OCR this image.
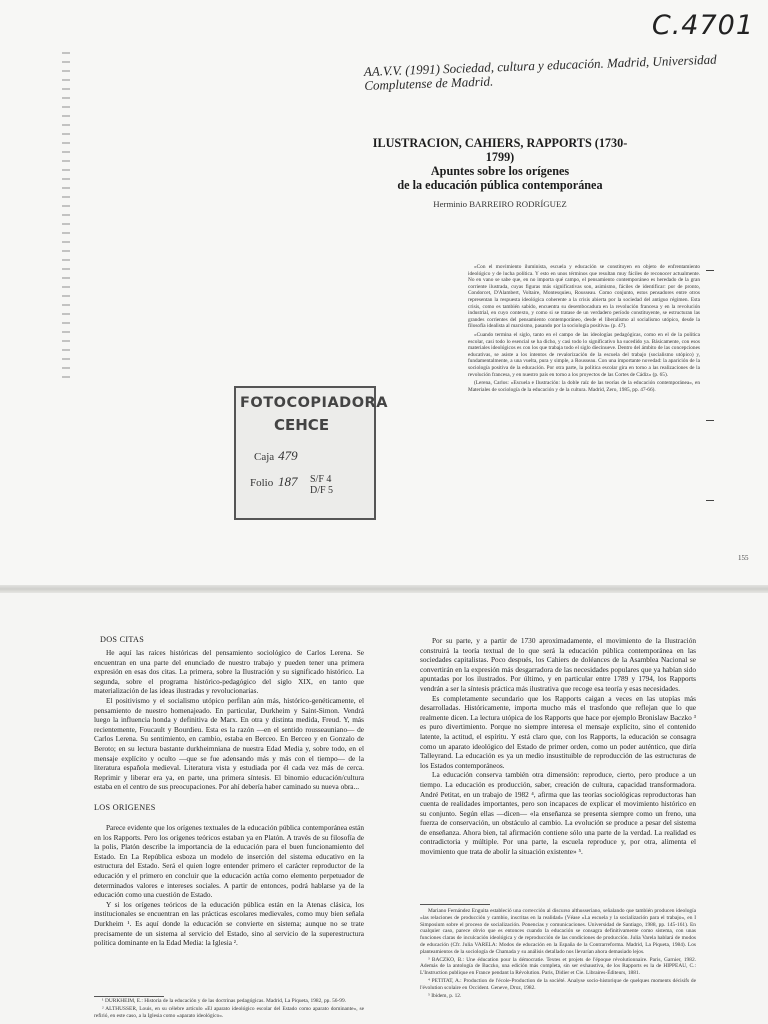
C.4701
AA.V.V. (1991) Sociedad, cultura y educación. Madrid, Universidad Complutense de Madrid.
ILUSTRACION, CAHIERS, RAPPORTS (1730-1799)
Apuntes sobre los orígenes
de la educación pública contemporánea
Herminio BARREIRO RODRÍGUEZ

«Con el movimiento iluminista, escuela y educación se constituyen en objeto de enfrentamiento ideológico y de lucha política. Y esto en unos términos que resultan muy fáciles de reconocer actualmente. No en vano se sabe que, en no importa qué campo, el pensamiento contemporáneo es heredado de la gran corriente ilustrada, cuyas figuras más significativas son, asimismo, fáciles de identificar: por de pronto, Condorcet, D'Alambert, Voltaire, Montesquieu, Rousseau. Como conjunto, estos pensadores entre otros representan la respuesta ideológica coherente a la crisis abierta por la sociedad del antiguo régimen. Esta crisis, como es también sabido, encuentra su desembocadura en la revolución francesa y en la revolución industrial, en cuyo contexto, y como si se tratase de un verdadero período constituyente, se estructuran las grandes corrientes del pensamiento contemporáneo, desde el liberalismo al socialismo utópico, desde la filosofía idealista al marxismo, pasando por la sociología positiva» (p. 47).

«Cuando termina el siglo, tanto en el campo de las ideologías pedagógicas, como en el de la política escolar, casi todo lo esencial se ha dicho, y casi todo lo significativo ha sucedido ya. Básicamente, con esos materiales ideológicos es con los que trabaja todo el siglo diecinueve. Dentro del ámbito de las concepciones educativas, se asiste a los intentos de revalorización de la escuela del trabajo (socialismo utópico) y, fundamentalmente, a una vuelta, pura y simple, a Rousseau. Con una importante novedad: la aparición de la sociología positiva de la educación. Por otra parte, la política escolar gira en torno a las realizaciones de la revolución francesa, y en nuestro país en torno a los proyectos de las Cortes de Cádiz» (p. 65).

(Lerena, Carlos: «Escuela e Ilustración: la doble raíz de las teorías de la educación contemporánea», en Materiales de sociología de la educación y de la cultura. Madrid, Zero, 1985, pp. 47-66).

FOTOCOPIADORA
CEHCE
Caja 479
Folio 187 S/F 4
D/F 5
155
DOS CITAS

He aquí las raíces históricas del pensamiento sociológico de Carlos Lerena. Se encuentran en una parte del enunciado de nuestro trabajo y pueden tener una primera expresión en esas dos citas. La primera, sobre la Ilustración y su significado histórico. La segunda, sobre el programa histórico-pedagógico del siglo XIX, en tanto que materialización de las ideas ilustradas y revolucionarias.

El positivismo y el socialismo utópico perfilan aún más, histórico-genéticamente, el pensamiento de nuestro homenajeado. En particular, Durkheim y Saint-Simon. Vendrá luego la influencia honda y definitiva de Marx. En otra y distinta medida, Freud. Y, más recientemente, Foucault y Bourdieu. Esta es la razón —en el sentido rousseauniano— de Carlos Lerena. Su sentimiento, en cambio, estaba en Berceo. En Berceo y en Gonzalo de Beroto; en su lectura bastante durkheimniana de nuestra Edad Media y, sobre todo, en el mensaje explícito y oculto —que se fue adensando más y más con el tiempo— de la literatura española medieval. Literatura vista y estudiada por él cada vez más de cerca. Reprimir y liberar era ya, en parte, una primera síntesis. El binomio educación/cultura estaba en el centro de sus preocupaciones. Por ahí debería haber caminado su nueva obra...

LOS ORIGENES

Parece evidente que los orígenes textuales de la educación pública contemporánea están en los Rapports. Pero los orígenes teóricos estaban ya en Platón. A través de su filosofía de la polis, Platón describe la importancia de la educación para el buen funcionamiento del Estado. En La República esboza un modelo de inserción del sistema educativo en la estructura del Estado. Será el quien logre entender primero el carácter reproductor de la educación y el primero en concluir que la educación actúa como elemento perpetuador de determinados valores e intereses sociales. A partir de entonces, podrá hablarse ya de la educación como una cuestión de Estado.

Y si los orígenes teóricos de la educación pública están en la Atenas clásica, los institucionales se encuentran en las prácticas escolares medievales, como muy bien señala Durkheim ¹. Es aquí donde la educación se convierte en sistema; aunque no se trate precisamente de un sistema al servicio del Estado, sino al servicio de la superestructura política dominante en la Edad Media: la Iglesia ².

¹ DURKHEIM, E.: Historia de la educación y de las doctrinas pedagógicas. Madrid, La Piqueta, 1982, pp. 56-99.

² ALTHUSSER, Louis, en su célebre artículo «El aparato ideológico escolar del Estado como aparato dominante», se refirió, en este caso, a la Iglesia como «aparato ideológico».

Por su parte, y a partir de 1730 aproximadamente, el movimiento de la Ilustración construirá la teoría textual de lo que será la educación pública contemporánea en las sociedades capitalistas. Poco después, los Cahiers de doléances de la Asamblea Nacional se convertirán en la expresión más desgarradora de las necesidades populares que ya habían sido apuntadas por los ilustrados. Por último, y en particular entre 1789 y 1794, los Rapports vendrán a ser la síntesis práctica más ilustrativa que recoge esa teoría y esas necesidades.

Es completamente secundario que los Rapports caigan a veces en las utopías más desarrolladas. Históricamente, importa mucho más el trasfondo que reflejan que lo que realmente dicen. La lectura utópica de los Rapports que hace por ejemplo Bronislaw Baczko ³ es puro divertimiento. Porque no siempre interesa el mensaje explícito, sino el contenido latente, la actitud, el espíritu. Y está claro que, con los Rapports, la educación se consagra como un aparato ideológico del Estado de primer orden, como un poder auténtico, que diría Talleyrand. La educación es ya un medio insustituible de reproducción de las estructuras de los Estados contemporáneos.

La educación conserva también otra dimensión: reproduce, cierto, pero produce a un tiempo. La educación es producción, saber, creación de cultura, capacidad transformadora. André Petitat, en un trabajo de 1982 ⁴, afirma que las teorías sociológicas reproductoras han cuenta de realidades importantes, pero son incapaces de explicar el movimiento histórico en su conjunto. Según ellas —dicen— «la enseñanza se presenta siempre como un freno, una fuerza de conservación, un obstáculo al cambio. La evolución se produce a pesar del sistema de enseñanza. Ahora bien, tal afirmación contiene sólo una parte de la verdad. La realidad es contradictoria y múltiple. Por una parte, la escuela reproduce y, por otra, alimenta el movimiento que trata de abolir la situación existente» ⁵.

Mariano Fernández Enguita estableció una corrección al discurso althusseriano, señalando que también producen ideología «las relaciones de producción y cambio, inscritas en la realidad» (Véase «La escuela y la socialización para el trabajo», en I Simposium sobre el proceso de socialización. Ponencias y comunicaciones. Universidad de Santiago, 1988, pp. 145-161). En cualquier caso, parece obvio que es entonces cuando la educación se consagra definitivamente como sistema, con unas funciones claras de inculcación ideológica y de reproducción de las condiciones de producción. Julia Varela hablará de modos de educación (Cfr. Julia VARELA: Modos de educación en la España de la Contrarreforma. Madrid, La Piqueta, 1984). Los planteamientos de la sociología de Chamada y su análisis detallado nos llevarían ahora demasiado lejos.

³ BACZKO, B.: Une éducation pour la démocratie. Textes et projets de l'époque révolutionnaire. Paris, Garnier, 1982. Además de la antología de Baczko, una edición más completa, sin ser exhaustiva, de los Rapports es la de HIPPEAU, C.: L'Instruction publique en France pendant la Révolution. Paris, Didier et Cie. Libraires-Éditeurs, 1881.

⁴ PETITAT, A.: Production de l'école-Production de la société. Analyse socio-historique de quelques moments décisifs de l'évolution scolaire en Occident. Geneve, Droz, 1982.

⁵ Ibidem, p. 12.
